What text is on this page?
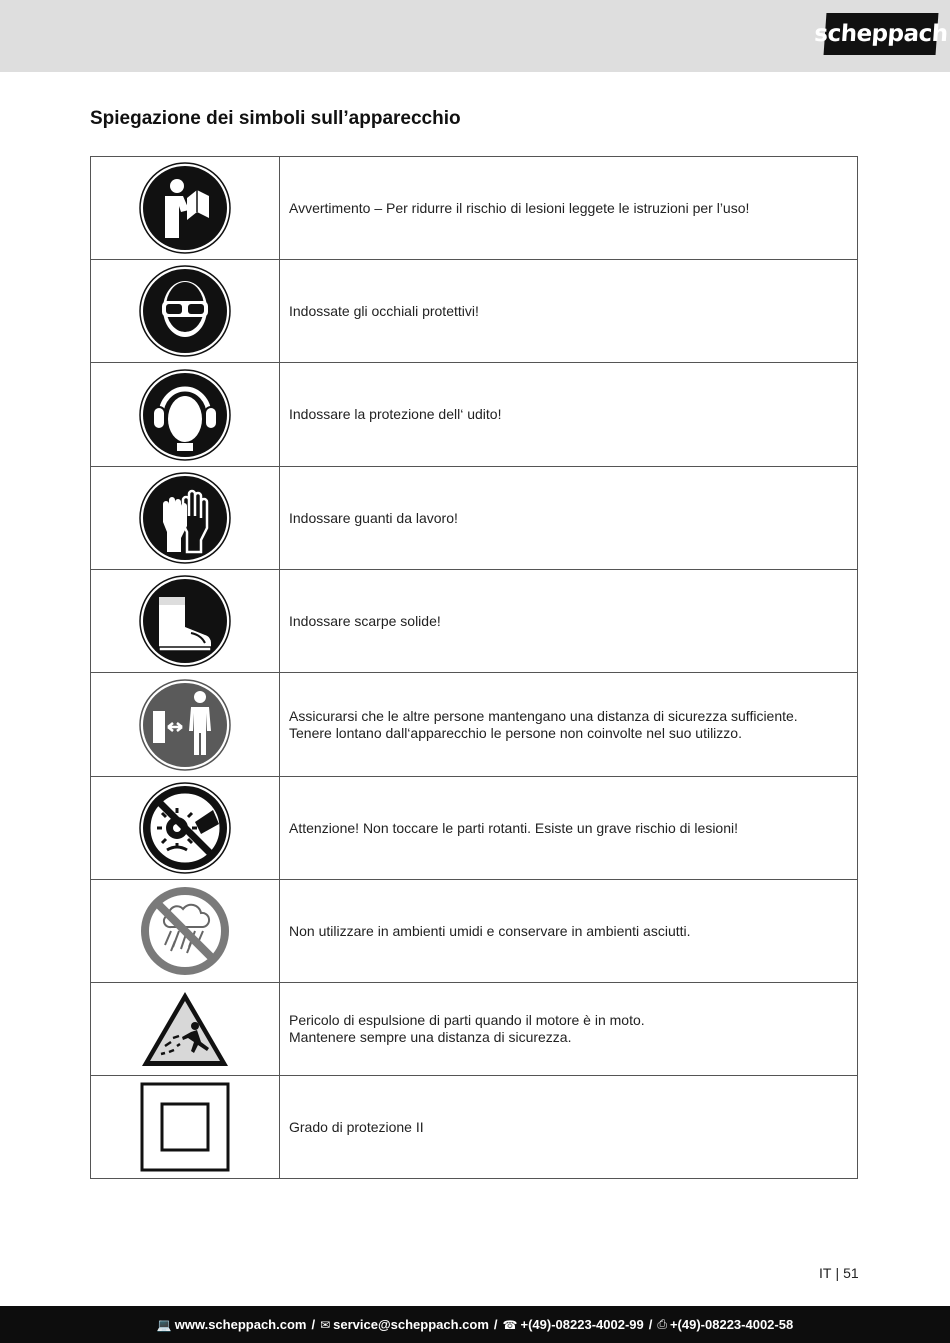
scheppach
Spiegazione dei simboli sull’apparecchio

Avvertimento – Per ridurre il rischio di lesioni leggete le istruzioni per l’uso!

Indossate gli occhiali protettivi!

Indossare la protezione dell‘ udito!

Indossare guanti da lavoro!

Indossare scarpe solide!

Assicurarsi che le altre persone mantengano una distanza di sicurezza sufficiente.
Tenere lontano dall‘apparecchio le persone non coinvolte nel suo utilizzo.

Attenzione! Non toccare le parti rotanti. Esiste un grave rischio di lesioni!

Non utilizzare in ambienti umidi e conservare in ambienti asciutti.

Pericolo di espulsione di parti quando il motore è in moto.
Mantenere sempre una distanza di sicurezza.

Grado di protezione II
IT | 51
💻 www.scheppach.com / ✉ service@scheppach.com / ☎ +(49)-08223-4002-99 / ⎙ +(49)-08223-4002-58
